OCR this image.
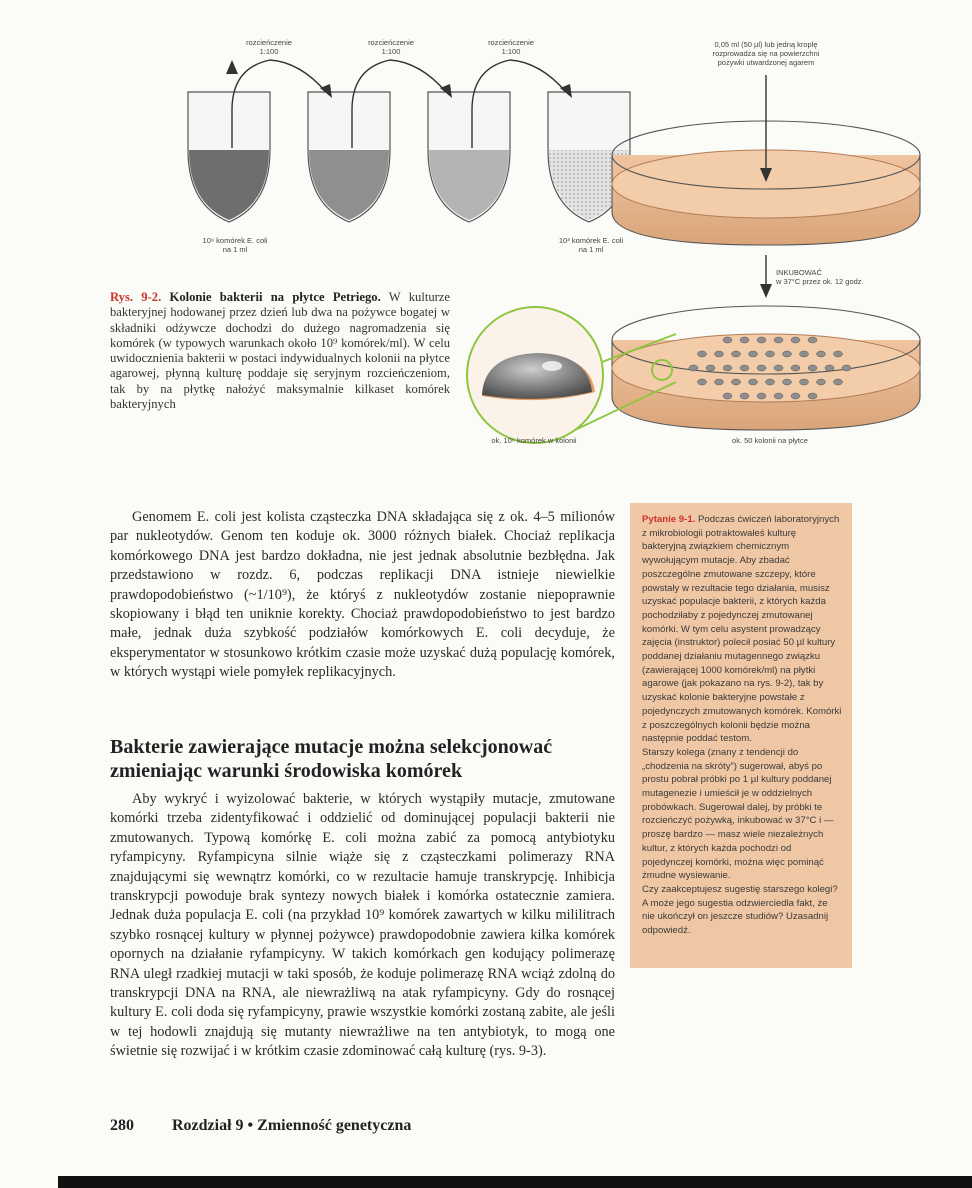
rozcieńczenie
1:100
rozcieńczenie
1:100
rozcieńczenie
1:100
10⁹ komórek E. coli
na 1 ml
10³ komórek E. coli
na 1 ml
0,05 ml (50 µl) lub jedną kroplę
rozprowadza się na powierzchni
pożywki utwardzonej agarem
INKUBOWAĆ
w 37°C przez ok. 12 godz.
ok. 10⁶ komórek w kolonii	ok. 50 kolonii na płytce
Rys. 9-2. Kolonie bakterii na płytce Petriego. W kulturze bakteryjnej hodowanej przez dzień lub dwa na pożywce bogatej w składniki odżywcze dochodzi do dużego nagromadzenia się komórek (w typowych warunkach około 10⁹ komórek/ml). W celu uwidocznienia bakterii w postaci indywidualnych kolonii na płytce agarowej, płynną kulturę poddaje się seryjnym rozcieńczeniom, tak by na płytkę nałożyć maksymalnie kilkaset komórek bakteryjnych

Genomem E. coli jest kolista cząsteczka DNA składająca się z ok. 4–5 milionów par nukleotydów. Genom ten koduje ok. 3000 różnych białek. Chociaż replikacja komórkowego DNA jest bardzo dokładna, nie jest jednak absolutnie bezbłędna. Jak przedstawiono w rozdz. 6, podczas replikacji DNA istnieje niewielkie prawdopodobieństwo (~1/10⁹), że któryś z nukleotydów zostanie niepoprawnie skopiowany i błąd ten uniknie korekty. Chociaż prawdopodobieństwo to jest bardzo małe, jednak duża szybkość podziałów komórkowych E. coli decyduje, że eksperymentator w stosunkowo krótkim czasie może uzyskać dużą populację komórek, w których wystąpi wiele pomyłek replikacyjnych.

Bakterie zawierające mutacje można selekcjonować zmieniając warunki środowiska komórek

Aby wykryć i wyizolować bakterie, w których wystąpiły mutacje, zmutowane komórki trzeba zidentyfikować i oddzielić od dominującej populacji bakterii nie zmutowanych. Typową komórkę E. coli można zabić za pomocą antybiotyku ryfampicyny. Ryfampicyna silnie wiąże się z cząsteczkami polimerazy RNA znajdującymi się wewnątrz komórki, co w rezultacie hamuje transkrypcję. Inhibicja transkrypcji powoduje brak syntezy nowych białek i komórka ostatecznie zamiera. Jednak duża populacja E. coli (na przykład 10⁹ komórek zawartych w kilku mililitrach szybko rosnącej kultury w płynnej pożywce) prawdopodobnie zawiera kilka komórek opornych na działanie ryfampicyny. W takich komórkach gen kodujący polimerazę RNA uległ rzadkiej mutacji w taki sposób, że koduje polimerazę RNA wciąż zdolną do transkrypcji DNA na RNA, ale niewrażliwą na atak ryfampicyny. Gdy do rosnącej kultury E. coli doda się ryfampicyny, prawie wszystkie komórki zostaną zabite, ale jeśli w tej hodowli znajdują się mutanty niewrażliwe na ten antybiotyk, to mogą one świetnie się rozwijać i w krótkim czasie zdominować całą kulturę (rys. 9-3).

Pytanie 9-1. Podczas ćwiczeń laboratoryjnych z mikrobiologii potraktowałeś kulturę bakteryjną związkiem chemicznym wywołującym mutacje. Aby zbadać poszczególne zmutowane szczepy, które powstały w rezultacie tego działania, musisz uzyskać populacje bakterii, z których każda pochodziłaby z pojedynczej zmutowanej komórki. W tym celu asystent prowadzący zajęcia (instruktor) polecił posiać 50 µl kultury poddanej działaniu mutagennego związku (zawierającej 1000 komórek/ml) na płytki agarowe (jak pokazano na rys. 9-2), tak by uzyskać kolonie bakteryjne powstałe z pojedynczych zmutowanych komórek. Komórki z poszczególnych kolonii będzie można następnie poddać testom.

Starszy kolega (znany z tendencji do „chodzenia na skróty”) sugerował, abyś po prostu pobrał próbki po 1 µl kultury poddanej mutagenezie i umieścił je w oddzielnych probówkach. Sugerował dalej, by próbki te rozcieńczyć pożywką, inkubować w 37°C i — proszę bardzo — masz wiele niezależnych kultur, z których każda pochodzi od pojedynczej komórki, można więc pominąć żmudne wysiewanie.

Czy zaakceptujesz sugestię starszego kolegi? A może jego sugestia odzwierciedla fakt, że nie ukończył on jeszcze studiów? Uzasadnij odpowiedź.

280 Rozdział 9 • Zmienność genetyczna
